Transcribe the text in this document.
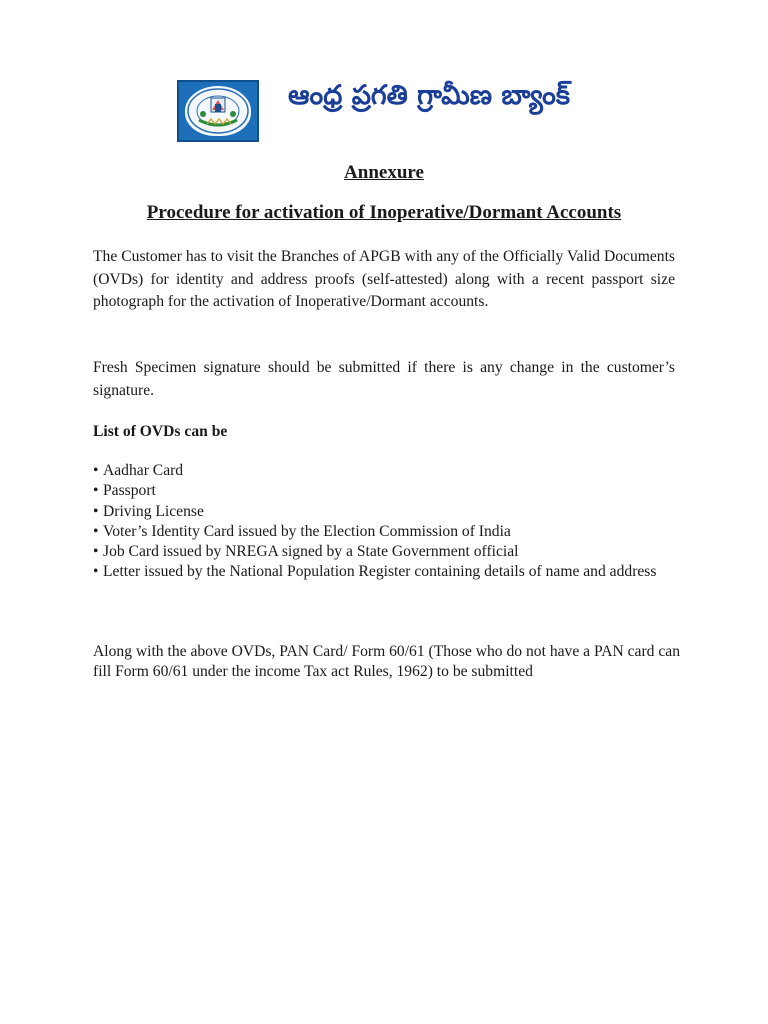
ఆంధ్ర ప్రగతి గ్రామీణ బ్యాంక్
Annexure
Procedure for activation of Inoperative/Dormant Accounts

The Customer has to visit the Branches of APGB with any of the Officially Valid Documents (OVDs) for identity and address proofs (self-attested) along with a recent passport size photograph for the activation of Inoperative/Dormant accounts.

Fresh Specimen signature should be submitted if there is any change in the customer’s signature.

List of OVDs can be
• Aadhar Card
• Passport
• Driving License
• Voter’s Identity Card issued by the Election Commission of India
• Job Card issued by NREGA signed by a State Government official
• Letter issued by the National Population Register containing details of name and address

Along with the above OVDs, PAN Card/ Form 60/61 (Those who do not have a PAN card can fill Form 60/61 under the income Tax act Rules, 1962) to be submitted
